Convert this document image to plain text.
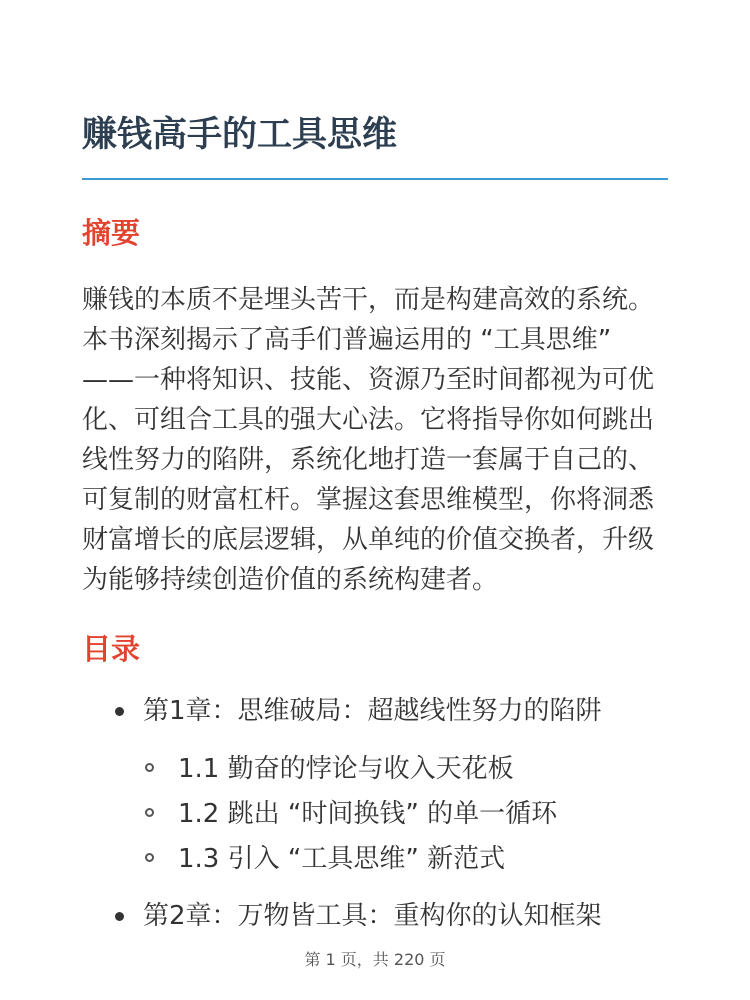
赚钱高手的工具思维
摘要

赚钱的本质不是埋头苦干，而是构建高效的系统。本书深刻揭示了高手们普遍运用的 “工具思维” ——一种将知识、技能、资源乃至时间都视为可优化、可组合工具的强大心法。它将指导你如何跳出线性努力的陷阱，系统化地打造一套属于自己的、可复制的财富杠杆。掌握这套思维模型，你将洞悉财富增长的底层逻辑，从单纯的价值交换者，升级为能够持续创造价值的系统构建者。

目录
第1章：思维破局：超越线性努力的陷阱
1.1 勤奋的悖论与收入天花板
1.2 跳出 “时间换钱” 的单一循环
1.3 引入 “工具思维” 新范式
第2章：万物皆工具：重构你的认知框架
第 1 页，共 220 页
